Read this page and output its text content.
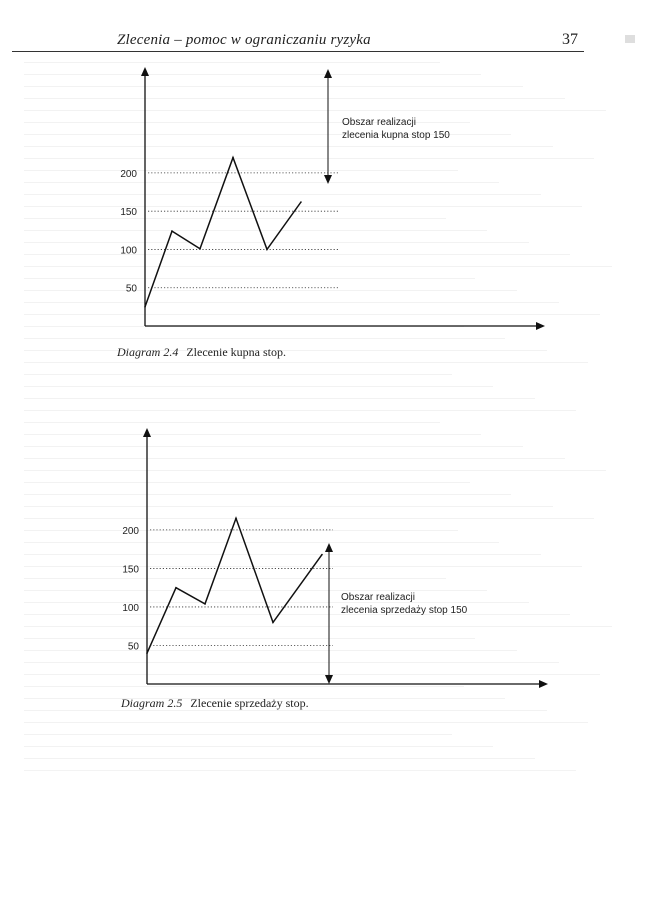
Zlecenia – pomoc w ograniczaniu ryzyka	37
Obszar realizacji
zlecenia kupna stop 150
50
100
150
200
Obszar realizacji
zlecenia sprzedaży stop 150
50
100
150
200
Diagram 2.4 Zlecenie kupna stop.
Diagram 2.5 Zlecenie sprzedaży stop.
